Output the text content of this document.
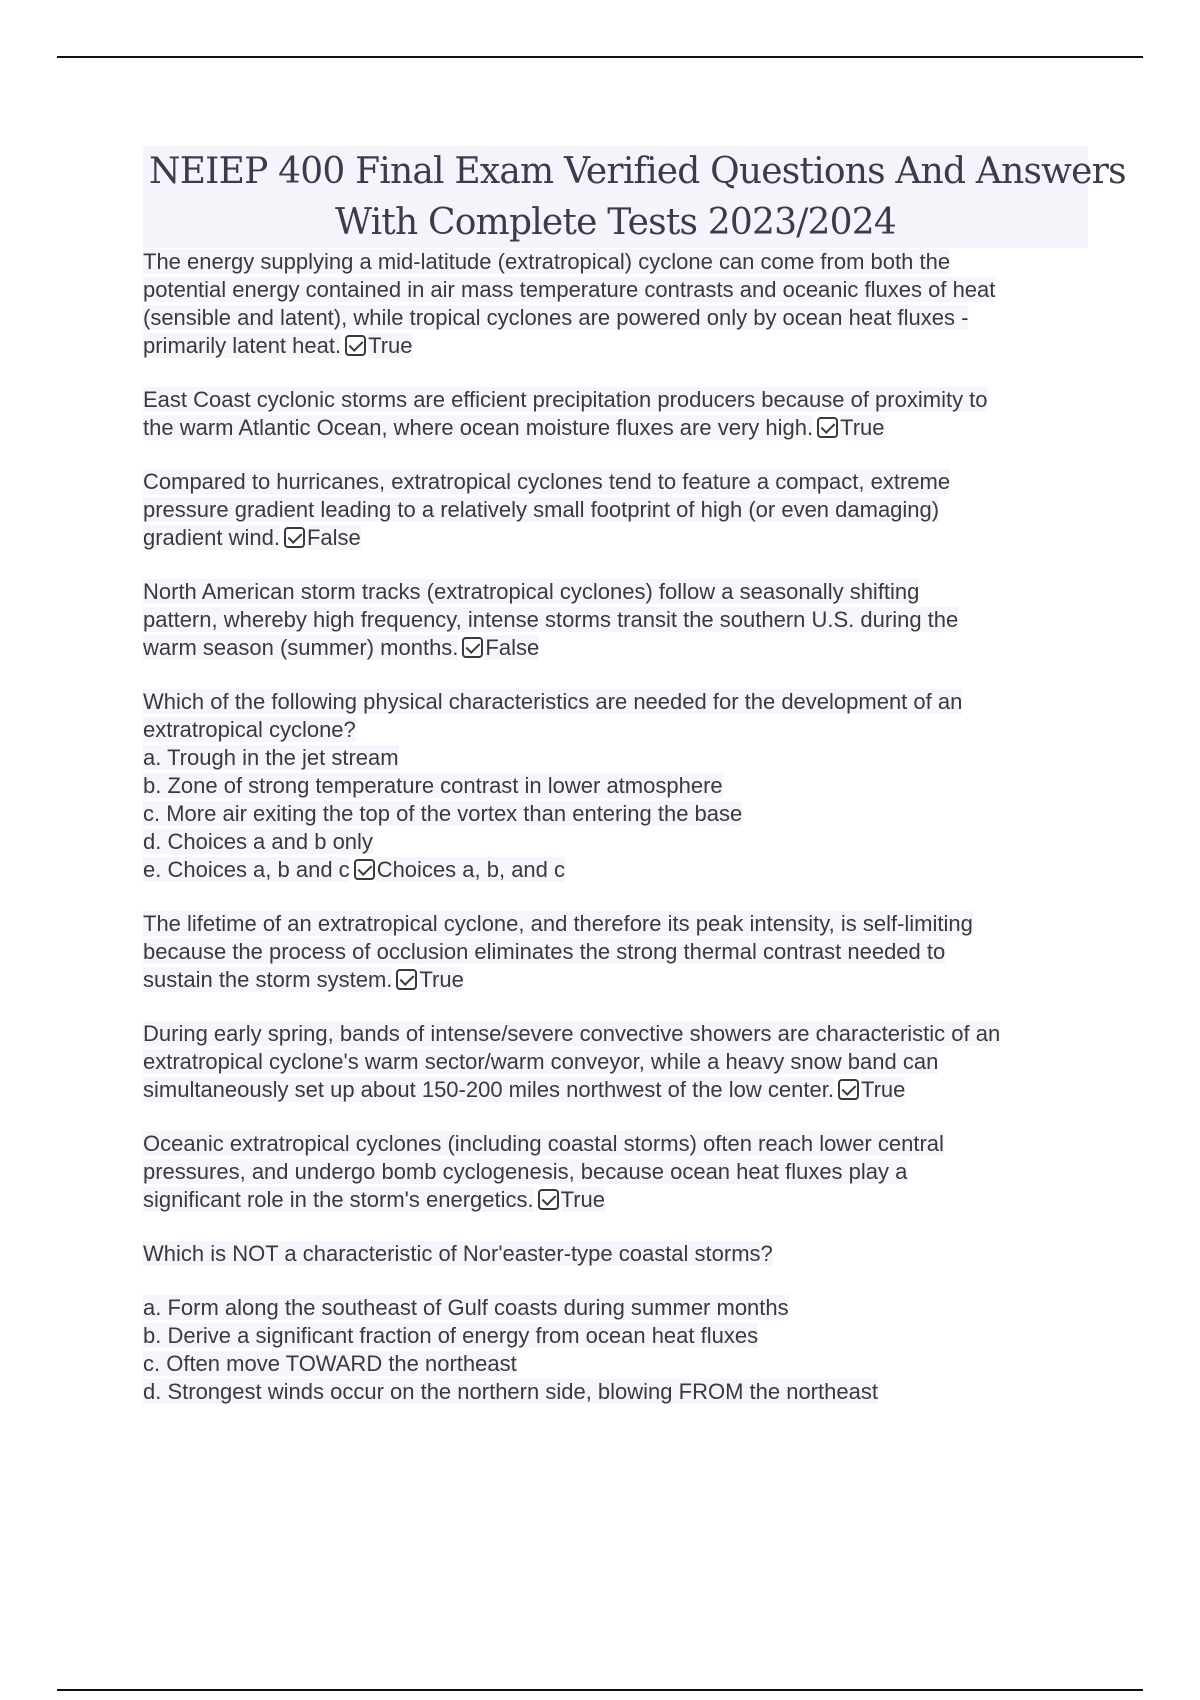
NEIEP 400 Final Exam Verified Questions And Answers
With Complete Tests 2023/2024
The energy supplying a mid-latitude (extratropical) cyclone can come from both the
potential energy contained in air mass temperature contrasts and oceanic fluxes of heat
(sensible and latent), while tropical cyclones are powered only by ocean heat fluxes -
primarily latent heat. True
East Coast cyclonic storms are efficient precipitation producers because of proximity to
the warm Atlantic Ocean, where ocean moisture fluxes are very high. True
Compared to hurricanes, extratropical cyclones tend to feature a compact, extreme
pressure gradient leading to a relatively small footprint of high (or even damaging)
gradient wind. False
North American storm tracks (extratropical cyclones) follow a seasonally shifting
pattern, whereby high frequency, intense storms transit the southern U.S. during the
warm season (summer) months. False
Which of the following physical characteristics are needed for the development of an
extratropical cyclone?
a. Trough in the jet stream
b. Zone of strong temperature contrast in lower atmosphere
c. More air exiting the top of the vortex than entering the base
d. Choices a and b only
e. Choices a, b and c Choices a, b, and c
The lifetime of an extratropical cyclone, and therefore its peak intensity, is self-limiting
because the process of occlusion eliminates the strong thermal contrast needed to
sustain the storm system. True
During early spring, bands of intense/severe convective showers are characteristic of an
extratropical cyclone's warm sector/warm conveyor, while a heavy snow band can
simultaneously set up about 150-200 miles northwest of the low center. True
Oceanic extratropical cyclones (including coastal storms) often reach lower central
pressures, and undergo bomb cyclogenesis, because ocean heat fluxes play a
significant role in the storm's energetics. True
Which is NOT a characteristic of Nor'easter-type coastal storms?
a. Form along the southeast of Gulf coasts during summer months
b. Derive a significant fraction of energy from ocean heat fluxes
c. Often move TOWARD the northeast
d. Strongest winds occur on the northern side, blowing FROM the northeast
